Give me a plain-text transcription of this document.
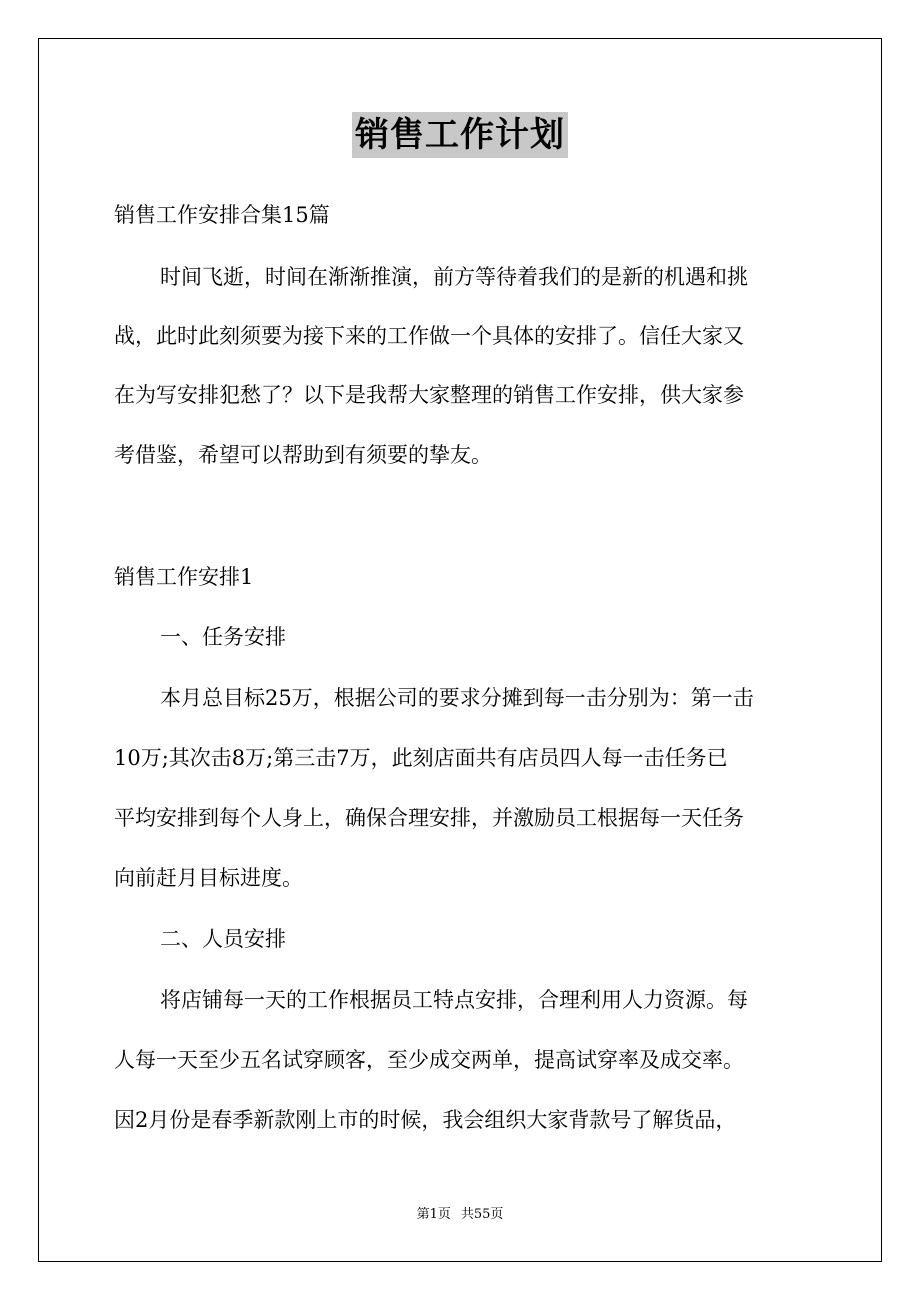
销售工作计划
销售工作安排合集15篇
时间飞逝，时间在渐渐推演，前方等待着我们的是新的机遇和挑
战，此时此刻须要为接下来的工作做一个具体的安排了。信任大家又
在为写安排犯愁了？以下是我帮大家整理的销售工作安排，供大家参
考借鉴，希望可以帮助到有须要的挚友。
销售工作安排1
一、任务安排
本月总目标25万，根据公司的要求分摊到每一击分别为：第一击
10万;其次击8万;第三击7万，此刻店面共有店员四人每一击任务已
平均安排到每个人身上，确保合理安排，并激励员工根据每一天任务
向前赶月目标进度。
二、人员安排
将店铺每一天的工作根据员工特点安排，合理利用人力资源。每
人每一天至少五名试穿顾客，至少成交两单，提高试穿率及成交率。
因2月份是春季新款刚上市的时候，我会组织大家背款号了解货品，
第1页 共55页
